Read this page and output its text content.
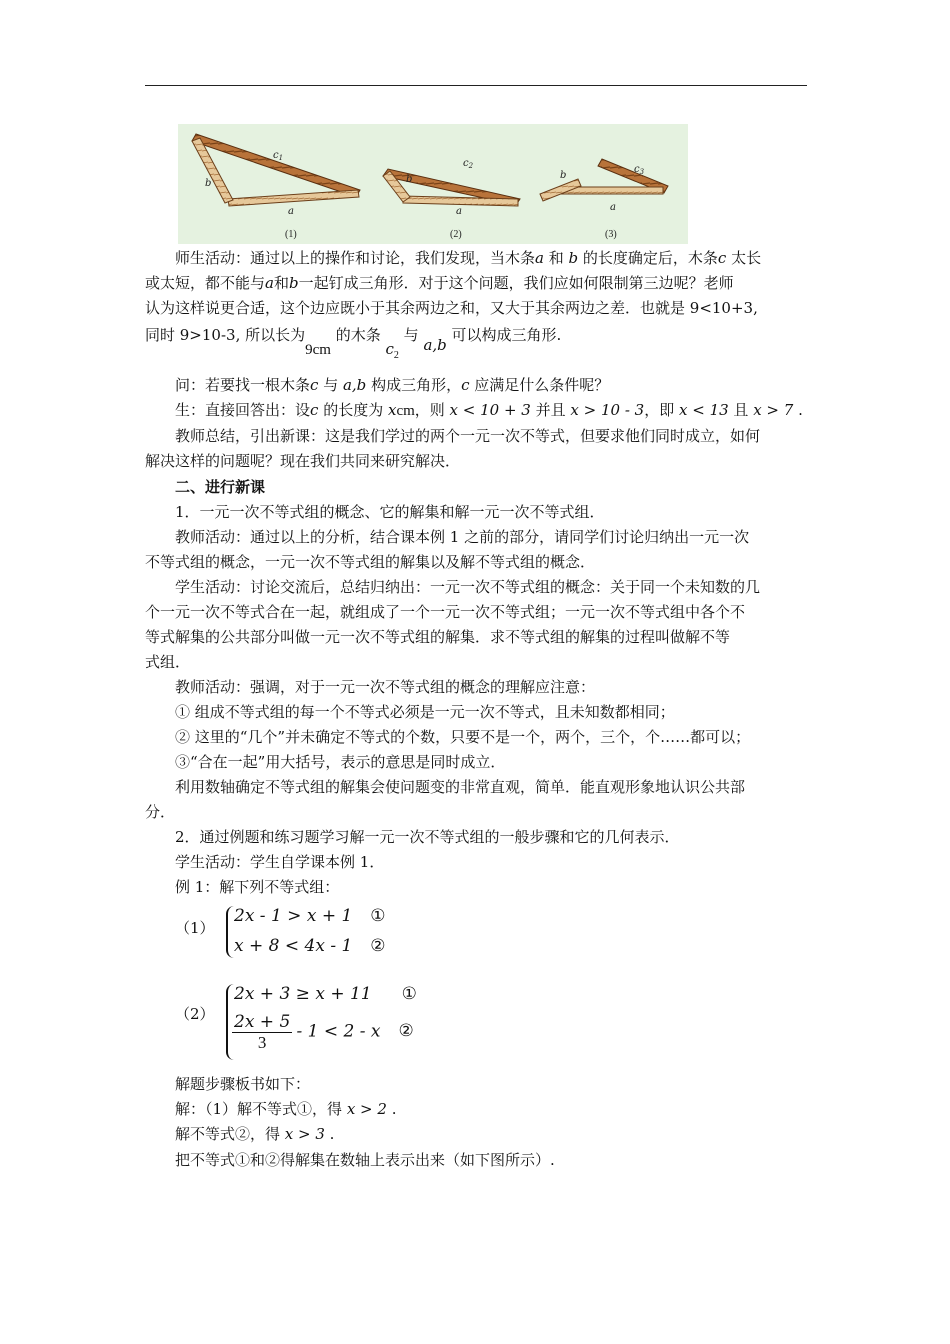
$c_1$
b
a
$c_2$
b
a
$c_3$
b
a
(1)	(2)	(3)
师生活动：通过以上的操作和讨论，我们发现，当木条a 和 b 的长度确定后，木条c 太长
或太短，都不能与a和b一起钉成三角形．对于这个问题，我们应如何限制第三边呢？老师
认为这样说更合适，这个边应既小于其余两边之和，又大于其余两边之差．也就是 9<10+3,
同时 9>10-3, 所以长为9cm 的木条 $c_2$ 与 a,b 可以构成三角形.
问：若要找一根木条c 与 a,b 构成三角形，c 应满足什么条件呢？
生：直接回答出：设c 的长度为 xcm，则 x < 10 + 3 并且 x > 10 - 3，即 x < 13 且 x > 7 .
教师总结，引出新课：这是我们学过的两个一元一次不等式，但要求他们同时成立，如何
解决这样的问题呢？现在我们共同来研究解决．
二、进行新课
1．一元一次不等式组的概念、它的解集和解一元一次不等式组．
教师活动：通过以上的分析，结合课本例 1 之前的部分，请同学们讨论归纳出一元一次
不等式组的概念，一元一次不等式组的解集以及解不等式组的概念．
学生活动：讨论交流后，总结归纳出：一元一次不等式组的概念：关于同一个未知数的几
个一元一次不等式合在一起，就组成了一个一元一次不等式组；一元一次不等式组中各个不
等式解集的公共部分叫做一元一次不等式组的解集．求不等式组的解集的过程叫做解不等
式组．
教师活动：强调，对于一元一次不等式组的概念的理解应注意：
① 组成不等式组的每一个不等式必须是一元一次不等式，且未知数都相同；
② 这里的“几个”并未确定不等式的个数，只要不是一个，两个，三个，个……都可以；
③“合在一起”用大括号，表示的意思是同时成立．
利用数轴确定不等式组的解集会使问题变的非常直观，简单．能直观形象地认识公共部
分．
2．通过例题和练习题学习解一元一次不等式组的一般步骤和它的几何表示．
学生活动：学生自学课本例 1．
例 1：解下列不等式组：
（1）
2x - 1 > x + 1 ①
x + 8 < 4x - 1 ②
（2）
2x + 3 ≥ x + 11 ①
$\frac{2x + 5}{3} - 1 < 2 - x$ ②
解题步骤板书如下：
解：（1）解不等式①，得 x > 2 .
解不等式②，得 x > 3 .
把不等式①和②得解集在数轴上表示出来（如下图所示）.
